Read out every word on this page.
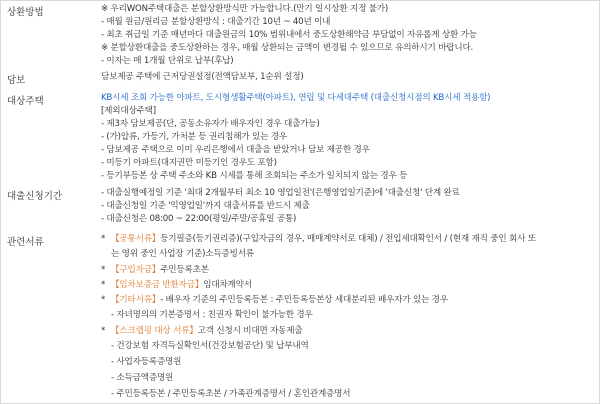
상환방법	※ 우리WON주택대출은 분할상환방식만 가능합니다.(만기 일시상환 지정 불가)
- 매월 원금/원리금 분할상환방식 : 대출기간 10년 ~ 40년 이내
- 최초 취급일 기준 매년마다 대출원금의 10% 범위내에서 중도상환해약금 부담없이 자유롭게 상환 가능
※ 분할상환대출을 중도상환하는 경우, 매월 상환되는 금액이 변경될 수 있으므로 유의하시기 바랍니다.
- 이자는 매 1개월 단위로 납부(후납)
담보	담보제공 주택에 근저당권설정(전액담보부, 1순위 설정)
대상주택	KB시세 조회 가능한 아파트, 도시형생활주택(아파트), 연립 및 다세대주택 (대출신청시점의 KB시세 적용함)
[제외대상주택]
- 제3자 담보제공(단, 공동소유자가 배우자인 경우 대출가능)
- (가)압류, 가등기, 가처분 등 권리침해가 있는 경우
- 담보제공 주택으로 이미 우리은행에서 대출을 받았거나 담보 제공한 경우
- 미등기 아파트(대지권만 미등기인 경우도 포함)
- 등기부등본 상 주택 주소와 KB 시세를 통해 조회되는 주소가 일치되지 않는 경우 등
대출신청기간	- 대출실행예정일 기준 '최대 2개월부터 최소 10 영업일전'(은행영업일기준)에 '대출신청' 단계 완료
- 대출신청일 기준 '익영업일'까지 대출서류를 반드시 제출
- 대출신청은 08:00 ~ 22:00(평일/주말/공휴일 공통)
관련서류	* 【공통서류】등기필증(등기권리증)(구입자금의 경우, 매매계약서로 대체) / 전입세대확인서 / (현재 재직 중인 회사 또
는 영위 중인 사업장 기준)소득증빙서류
* 【구입자금】주민등록초본
* 【임차보증금 반환자금】임대차계약서
* 【기타서류】- 배우자 기준의 주민등록등본 : 주민등록등본상 세대분리된 배우자가 있는 경우
- 자녀명의의 기본증명서 : 친권자 확인이 불가능한 경우
* 【스크랩핑 대상 서류】고객 신청시 비대면 자동제출
- 건강보험 자격득실확인서(건강보험공단) 및 납부내역
- 사업자등록증명원
- 소득금액증명원
- 주민등록등본 / 주민등록초본 / 가족관계증명서 / 혼인관계증명서
